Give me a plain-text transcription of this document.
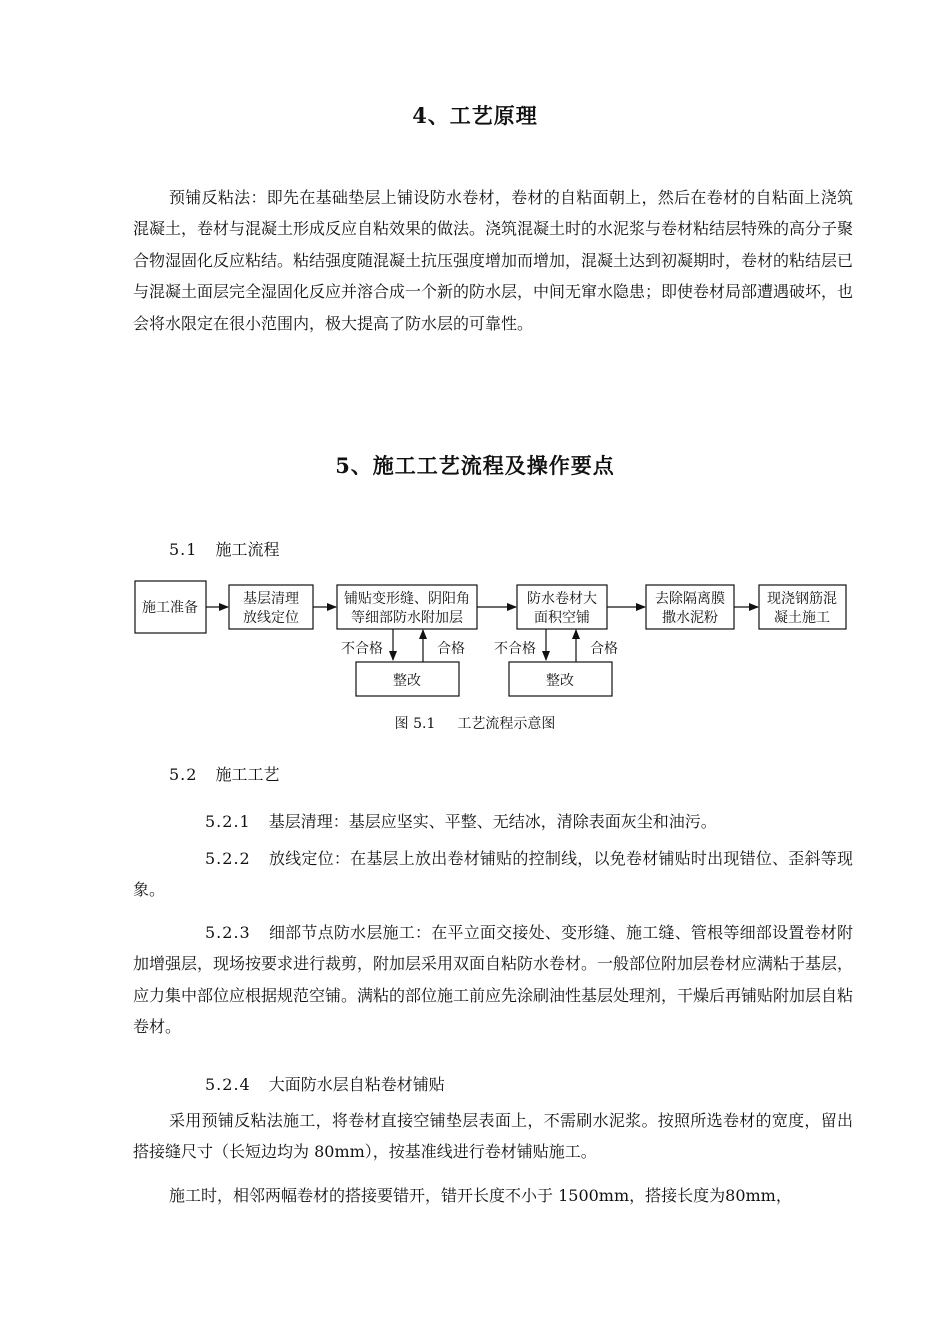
4、工艺原理

预铺反粘法：即先在基础垫层上铺设防水卷材，卷材的自粘面朝上，然后在卷材的自粘面上浇筑混凝土，卷材与混凝土形成反应自粘效果的做法。浇筑混凝土时的水泥浆与卷材粘结层特殊的高分子聚合物湿固化反应粘结。粘结强度随混凝土抗压强度增加而增加，混凝土达到初凝期时，卷材的粘结层已与混凝土面层完全湿固化反应并溶合成一个新的防水层，中间无窜水隐患；即使卷材局部遭遇破坏，也会将水限定在很小范围内，极大提高了防水层的可靠性。

5、施工工艺流程及操作要点
5.1 施工流程
施工准备
基层清理
放线定位
铺贴变形缝、阴阳角
等细部防水附加层
防水卷材大
面积空铺
去除隔离膜
撒水泥粉
现浇钢筋混
凝土施工
不合格	合格
整改
不合格	合格
整改
图 5.1 工艺流程示意图
5.2 施工工艺

5.2.1 基层清理：基层应坚实、平整、无结冰，清除表面灰尘和油污。

5.2.2 放线定位：在基层上放出卷材铺贴的控制线，以免卷材铺贴时出现错位、歪斜等现象。

5.2.3 细部节点防水层施工：在平立面交接处、变形缝、施工缝、管根等细部设置卷材附加增强层，现场按要求进行裁剪，附加层采用双面自粘防水卷材。一般部位附加层卷材应满粘于基层，应力集中部位应根据规范空铺。满粘的部位施工前应先涂刷油性基层处理剂，干燥后再铺贴附加层自粘卷材。

5.2.4 大面防水层自粘卷材铺贴

采用预铺反粘法施工，将卷材直接空铺垫层表面上，不需刷水泥浆。按照所选卷材的宽度，留出搭接缝尺寸（长短边均为 80mm），按基准线进行卷材铺贴施工。

施工时，相邻两幅卷材的搭接要错开，错开长度不小于 1500mm，搭接长度为80mm，
